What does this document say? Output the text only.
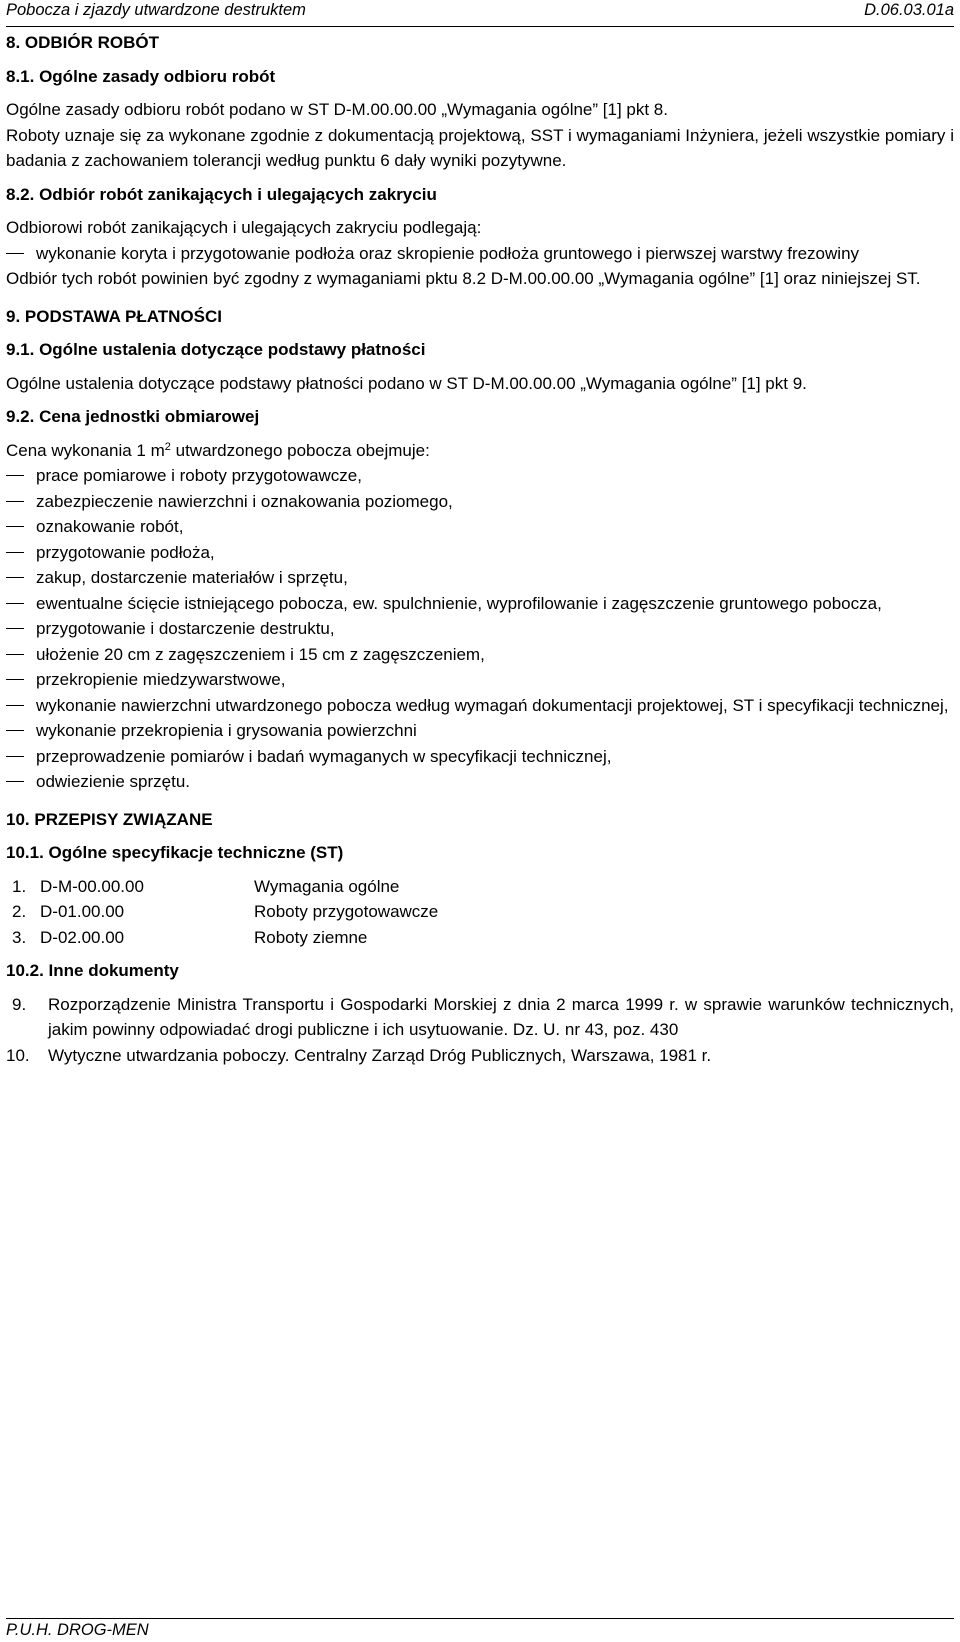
Pobocza i zjazdy utwardzone destruktem	D.06.03.01a

8. ODBIÓR ROBÓT

8.1. Ogólne zasady odbioru robót

Ogólne zasady odbioru robót podano w ST D-M.00.00.00 „Wymagania ogólne” [1] pkt 8.

Roboty uznaje się za wykonane zgodnie z dokumentacją projektową, SST i wymaganiami Inżyniera, jeżeli wszystkie pomiary i badania z zachowaniem tolerancji według punktu 6 dały wyniki pozytywne.

8.2. Odbiór robót zanikających i ulegających zakryciu

Odbiorowi robót zanikających i ulegających zakryciu podlegają:

wykonanie koryta i przygotowanie podłoża oraz skropienie podłoża gruntowego i pierwszej warstwy frezowiny

Odbiór tych robót powinien być zgodny z wymaganiami pktu 8.2 D-M.00.00.00 „Wymagania ogólne” [1] oraz niniejszej ST.

9. PODSTAWA PŁATNOŚCI

9.1. Ogólne ustalenia dotyczące podstawy płatności

Ogólne ustalenia dotyczące podstawy płatności podano w ST D-M.00.00.00 „Wymagania ogólne” [1] pkt 9.

9.2. Cena jednostki obmiarowej

Cena wykonania 1 $m^2$ utwardzonego pobocza obejmuje:

prace pomiarowe i roboty przygotowawcze,
zabezpieczenie nawierzchni i oznakowania poziomego,
oznakowanie robót,
przygotowanie podłoża,
zakup, dostarczenie materiałów i sprzętu,
ewentualne ścięcie istniejącego pobocza, ew. spulchnienie, wyprofilowanie i zagęszczenie gruntowego pobocza,
przygotowanie i dostarczenie destruktu,
ułożenie 20 cm z zagęszczeniem i 15 cm z zagęszczeniem,
przekropienie miedzywarstwowe,
wykonanie nawierzchni utwardzonego pobocza według wymagań dokumentacji projektowej, ST i specyfikacji technicznej,
wykonanie przekropienia i grysowania powierzchni
przeprowadzenie pomiarów i badań wymaganych w specyfikacji technicznej,
odwiezienie sprzętu.

10. PRZEPISY ZWIĄZANE

10.1. Ogólne specyfikacje techniczne (ST)

1.	D-M-00.00.00	Wymagania ogólne
2.	D-01.00.00	Roboty przygotowawcze
3.	D-02.00.00	Roboty ziemne

10.2. Inne dokumenty

9. Rozporządzenie Ministra Transportu i Gospodarki Morskiej z dnia 2 marca 1999 r. w sprawie warunków technicznych, jakim powinny odpowiadać drogi publiczne i ich usytuowanie. Dz. U. nr 43, poz. 430
10. Wytyczne utwardzania poboczy. Centralny Zarząd Dróg Publicznych, Warszawa, 1981 r.
P.U.H. DROG-MEN
